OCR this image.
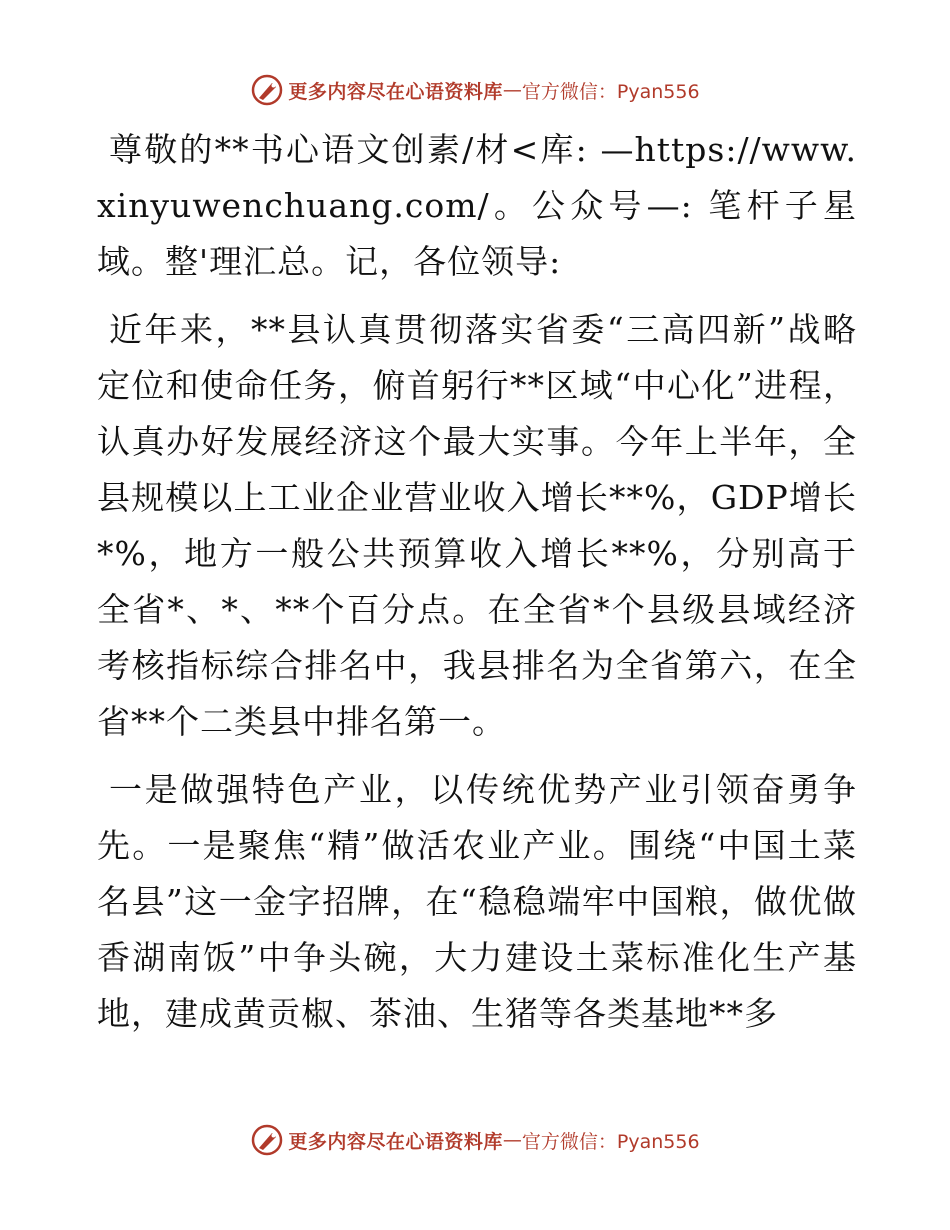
更多内容尽在心语资料库 — 官方微信：Pyan556

尊敬的**书心语文创素/材<库: —https://www.xinyuwenchuang.com/。公众号—: 笔杆子星域。整'理汇总。记，各位领导:

近年来，**县认真贯彻落实省委“三高四新”战略定位和使命任务，俯首躬行**区域“中心化”进程，认真办好发展经济这个最大实事。今年上半年，全县规模以上工业企业营业收入增长**%，GDP增长*%，地方一般公共预算收入增长**%，分别高于全省*、*、**个百分点。在全省*个县级县域经济考核指标综合排名中，我县排名为全省第六，在全省**个二类县中排名第一。

一是做强特色产业，以传统优势产业引领奋勇争先。一是聚焦“精”做活农业产业。围绕“中国土菜名县”这一金字招牌，在“稳稳端牢中国粮，做优做香湖南饭”中争头碗，大力建设土菜标准化生产基地，建成黄贡椒、茶油、生猪等各类基地**多

更多内容尽在心语资料库 — 官方微信：Pyan556
